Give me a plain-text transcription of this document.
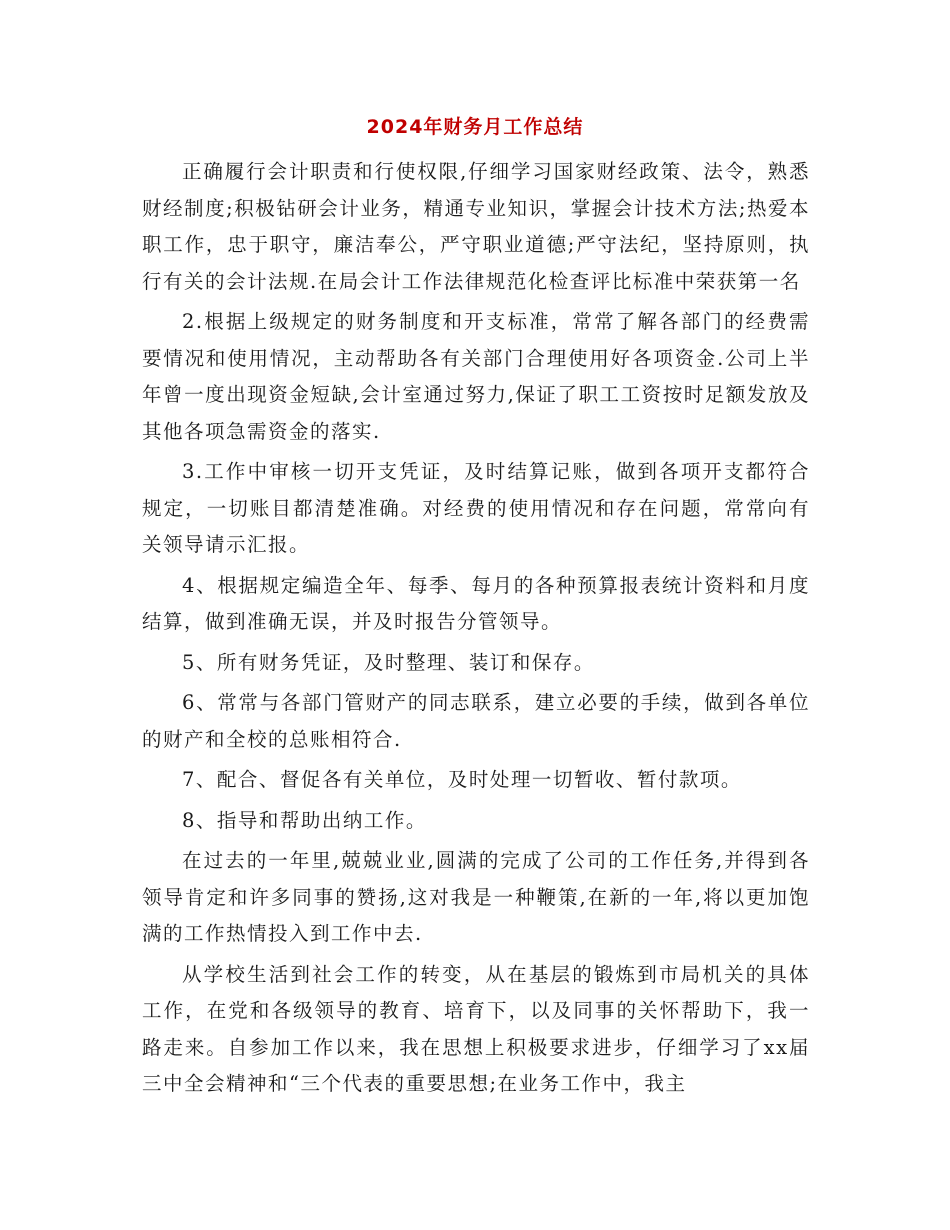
2024年财务月工作总结

正确履行会计职责和行使权限,仔细学习国家财经政策、法令，熟悉财经制度;积极钻研会计业务，精通专业知识，掌握会计技术方法;热爱本职工作，忠于职守，廉洁奉公，严守职业道德;严守法纪，坚持原则，执行有关的会计法规.在局会计工作法律规范化检查评比标准中荣获第一名

2.根据上级规定的财务制度和开支标准，常常了解各部门的经费需要情况和使用情况，主动帮助各有关部门合理使用好各项资金.公司上半年曾一度出现资金短缺,会计室通过努力,保证了职工工资按时足额发放及其他各项急需资金的落实.

3.工作中审核一切开支凭证，及时结算记账，做到各项开支都符合规定，一切账目都清楚准确。对经费的使用情况和存在问题，常常向有关领导请示汇报。

4、根据规定编造全年、每季、每月的各种预算报表统计资料和月度结算，做到准确无误，并及时报告分管领导。

5、所有财务凭证，及时整理、装订和保存。

6、常常与各部门管财产的同志联系，建立必要的手续，做到各单位的财产和全校的总账相符合.

7、配合、督促各有关单位，及时处理一切暂收、暂付款项。

8、指导和帮助出纳工作。

在过去的一年里,兢兢业业,圆满的完成了公司的工作任务,并得到各领导肯定和许多同事的赞扬,这对我是一种鞭策,在新的一年,将以更加饱满的工作热情投入到工作中去.

从学校生活到社会工作的转变，从在基层的锻炼到市局机关的具体工作，在党和各级领导的教育、培育下，以及同事的关怀帮助下，我一路走来。自参加工作以来，我在思想上积极要求进步，仔细学习了xx届三中全会精神和“三个代表的重要思想;在业务工作中，我主
